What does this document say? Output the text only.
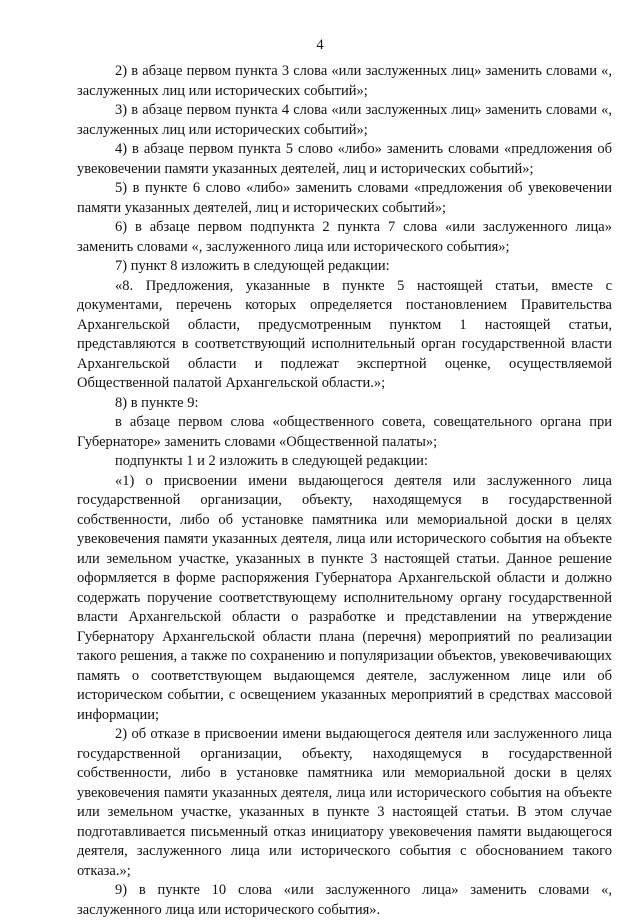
4

2) в абзаце первом пункта 3 слова «или заслуженных лиц» заменить словами «, заслуженных лиц или исторических событий»;

3) в абзаце первом пункта 4 слова «или заслуженных лиц» заменить словами «, заслуженных лиц или исторических событий»;

4) в абзаце первом пункта 5 слово «либо» заменить словами «предложения об увековечении памяти указанных деятелей, лиц и исторических событий»;

5) в пункте 6 слово «либо» заменить словами «предложения об увековечении памяти указанных деятелей, лиц и исторических событий»;

6) в абзаце первом подпункта 2 пункта 7 слова «или заслуженного лица» заменить словами «, заслуженного лица или исторического события»;

7) пункт 8 изложить в следующей редакции:

«8. Предложения, указанные в пункте 5 настоящей статьи, вместе с документами, перечень которых определяется постановлением Правительства Архангельской области, предусмотренным пунктом 1 настоящей статьи, представляются в соответствующий исполнительный орган государственной власти Архангельской области и подлежат экспертной оценке, осуществляемой Общественной палатой Архангельской области.»;

8) в пункте 9:

в абзаце первом слова «общественного совета, совещательного органа при Губернаторе» заменить словами «Общественной палаты»;

подпункты 1 и 2 изложить в следующей редакции:

«1) о присвоении имени выдающегося деятеля или заслуженного лица государственной организации, объекту, находящемуся в государственной собственности, либо об установке памятника или мемориальной доски в целях увековечения памяти указанных деятеля, лица или исторического события на объекте или земельном участке, указанных в пункте 3 настоящей статьи. Данное решение оформляется в форме распоряжения Губернатора Архангельской области и должно содержать поручение соответствующему исполнительному органу государственной власти Архангельской области о разработке и представлении на утверждение Губернатору Архангельской области плана (перечня) мероприятий по реализации такого решения, а также по сохранению и популяризации объектов, увековечивающих память о соответствующем выдающемся деятеле, заслуженном лице или об историческом событии, с освещением указанных мероприятий в средствах массовой информации;

2) об отказе в присвоении имени выдающегося деятеля или заслуженного лица государственной организации, объекту, находящемуся в государственной собственности, либо в установке памятника или мемориальной доски в целях увековечения памяти указанных деятеля, лица или исторического события на объекте или земельном участке, указанных в пункте 3 настоящей статьи. В этом случае подготавливается письменный отказ инициатору увековечения памяти выдающегося деятеля, заслуженного лица или исторического события с обоснованием такого отказа.»;

9) в пункте 10 слова «или заслуженного лица» заменить словами «, заслуженного лица или исторического события».
